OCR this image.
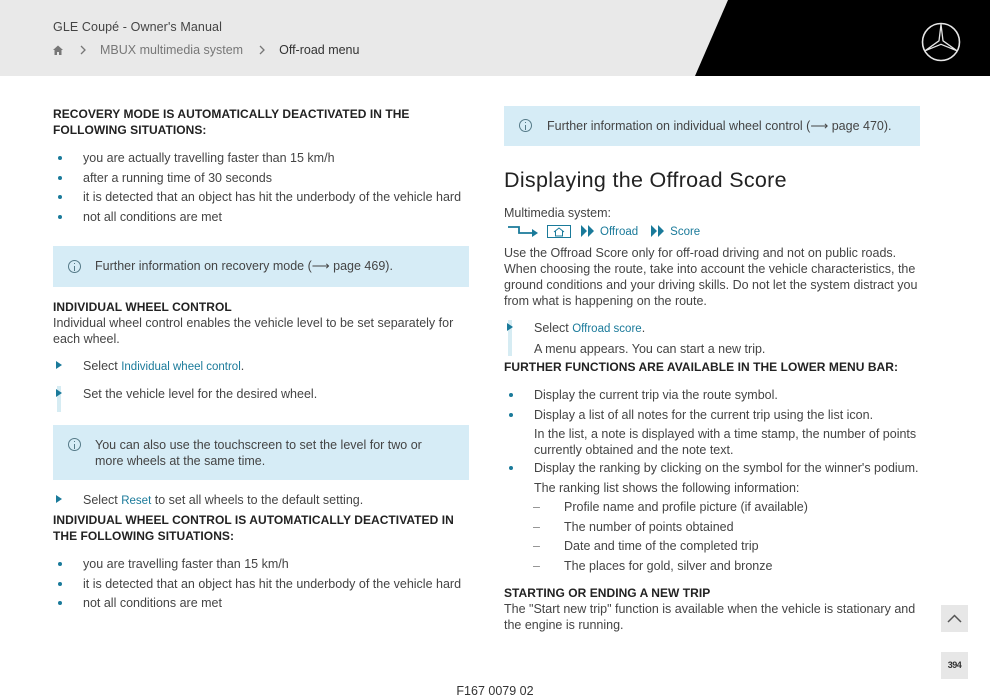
GLE Coupé - Owner's Manual
MBUX multimedia system	Off-road menu
RECOVERY MODE IS AUTOMATICALLY DEACTIVATED IN THE FOLLOWING SITUATIONS:
you are actually travelling faster than 15 km/h
after a running time of 30 seconds
it is detected that an object has hit the underbody of the vehicle hard
not all conditions are met
Further information on recovery mode (⟶ page 469).
INDIVIDUAL WHEEL CONTROL
Individual wheel control enables the vehicle level to be set separately for each wheel.
Select Individual wheel control.
Set the vehicle level for the desired wheel.
You can also use the touchscreen to set the level for two or more wheels at the same time.
Select Reset to set all wheels to the default setting.
INDIVIDUAL WHEEL CONTROL IS AUTOMATICALLY DEACTIVATED IN THE FOLLOWING SITUATIONS:
you are travelling faster than 15 km/h
it is detected that an object has hit the underbody of the vehicle hard
not all conditions are met
Further information on individual wheel control (⟶ page 470).
Displaying the Offroad Score
Multimedia system:
Offroad	Score
Use the Offroad Score only for off-road driving and not on public roads. When choosing the route, take into account the vehicle characteristics, the ground conditions and your driving skills. Do not let the system distract you from what is happening on the route.
Select Offroad score.
A menu appears. You can start a new trip.
FURTHER FUNCTIONS ARE AVAILABLE IN THE LOWER MENU BAR:
Display the current trip via the route symbol.
Display a list of all notes for the current trip using the list icon.
In the list, a note is displayed with a time stamp, the number of points currently obtained and the note text.
Display the ranking by clicking on the symbol for the winner's podium.
The ranking list shows the following information:
– Profile name and profile picture (if available)
– The number of points obtained
– Date and time of the completed trip
– The places for gold, silver and bronze
STARTING OR ENDING A NEW TRIP
The "Start new trip" function is available when the vehicle is stationary and the engine is running.
394
F167 0079 02
